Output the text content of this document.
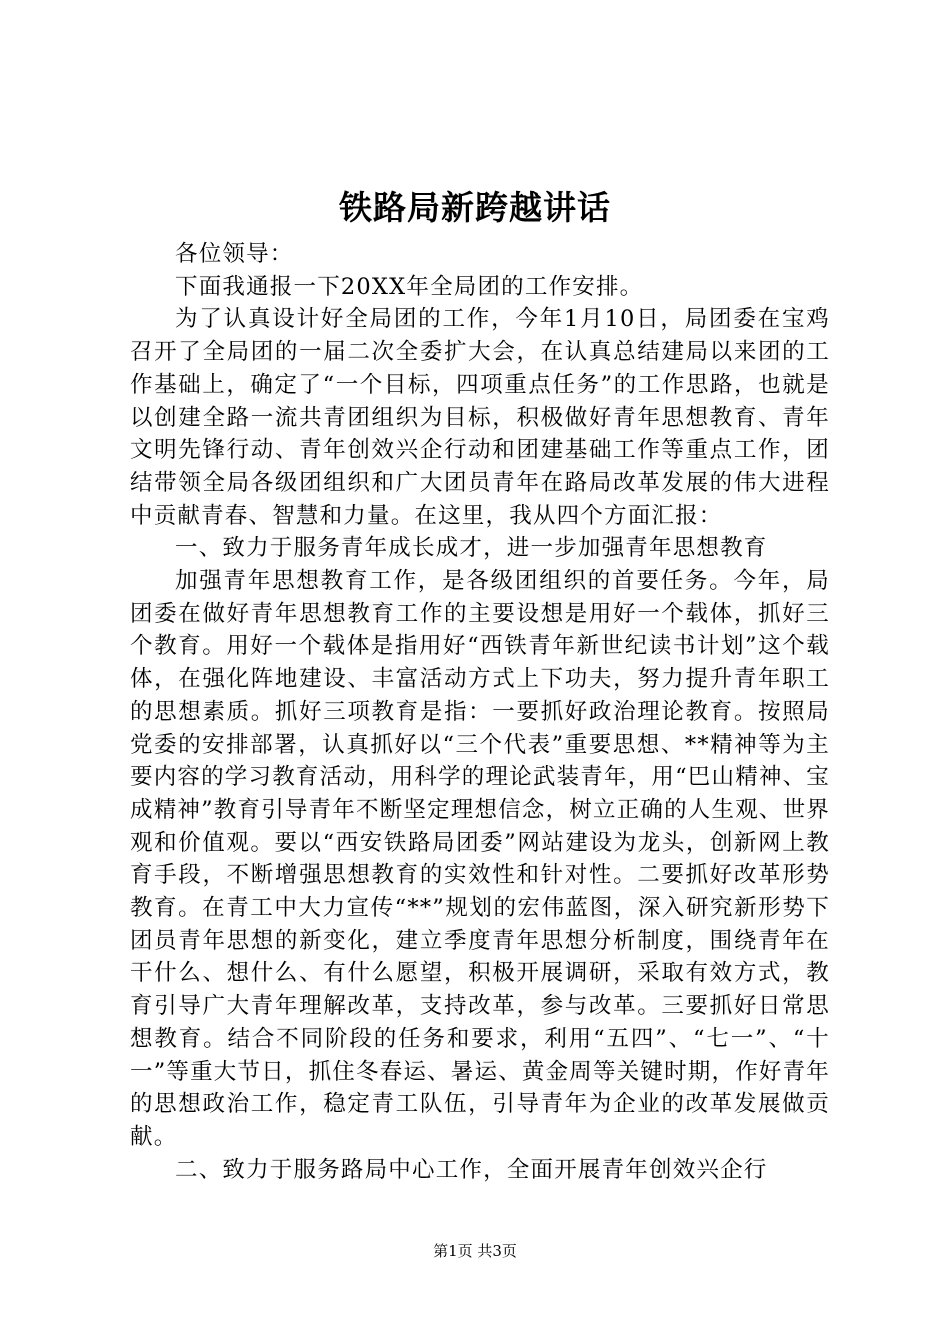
铁路局新跨越讲话

各位领导：

下面我通报一下20XX年全局团的工作安排。

为了认真设计好全局团的工作，今年1月10日，局团委在宝鸡召开了全局团的一届二次全委扩大会，在认真总结建局以来团的工作基础上，确定了“一个目标，四项重点任务”的工作思路，也就是以创建全路一流共青团组织为目标，积极做好青年思想教育、青年文明先锋行动、青年创效兴企行动和团建基础工作等重点工作，团结带领全局各级团组织和广大团员青年在路局改革发展的伟大进程中贡献青春、智慧和力量。在这里，我从四个方面汇报：

一、致力于服务青年成长成才，进一步加强青年思想教育

加强青年思想教育工作，是各级团组织的首要任务。今年，局团委在做好青年思想教育工作的主要设想是用好一个载体，抓好三个教育。用好一个载体是指用好“西铁青年新世纪读书计划”这个载体，在强化阵地建设、丰富活动方式上下功夫，努力提升青年职工的思想素质。抓好三项教育是指：一要抓好政治理论教育。按照局党委的安排部署，认真抓好以“三个代表”重要思想、**精神等为主要内容的学习教育活动，用科学的理论武装青年，用“巴山精神、宝成精神”教育引导青年不断坚定理想信念，树立正确的人生观、世界观和价值观。要以“西安铁路局团委”网站建设为龙头，创新网上教育手段，不断增强思想教育的实效性和针对性。二要抓好改革形势教育。在青工中大力宣传“**”规划的宏伟蓝图，深入研究新形势下团员青年思想的新变化，建立季度青年思想分析制度，围绕青年在干什么、想什么、有什么愿望，积极开展调研，采取有效方式，教育引导广大青年理解改革，支持改革，参与改革。三要抓好日常思想教育。结合不同阶段的任务和要求，利用“五四”、“七一”、“十一”等重大节日，抓住冬春运、暑运、黄金周等关键时期，作好青年的思想政治工作，稳定青工队伍，引导青年为企业的改革发展做贡献。

二、致力于服务路局中心工作，全面开展青年创效兴企行

第1页 共3页
